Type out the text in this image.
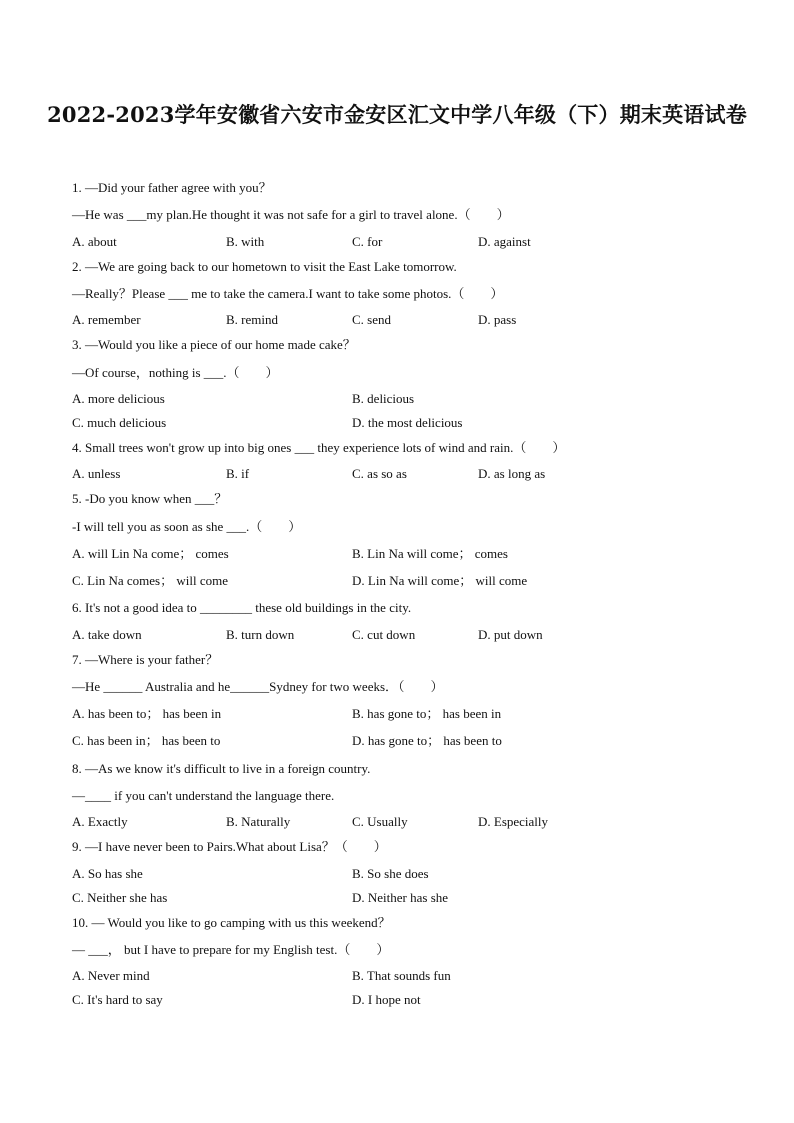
2022-2023学年安徽省六安市金安区汇文中学八年级（下）期末英语试卷
1. —Did your father agree with you？
—He was ___my plan.He thought it was not safe for a girl to travel alone.（　　）
A. about	B. with	C. for	D. against
2. —We are going back to our hometown to visit the East Lake tomorrow.
—Really？Please ___ me to take the camera.I want to take some photos.（　　）
A. remember	B. remind	C. send	D. pass
3. —Would you like a piece of our home made cake？
—Of course，nothing is ___.（　　）
A. more delicious	B. delicious
C. much delicious	D. the most delicious
4. Small trees won't grow up into big ones ___ they experience lots of wind and rain.（　　）
A. unless	B. if	C. as so as	D. as long as
5. -Do you know when ___？
-I will tell you as soon as she ___.（　　）
A. will Lin Na come； comes	B. Lin Na will come； comes
C. Lin Na comes； will come	D. Lin Na will come； will come
6. It's not a good idea to ________ these old buildings in the city.
A. take down	B. turn down	C. cut down	D. put down
7. —Where is your father？
—He ______ Australia and he______Sydney for two weeks．（　　）
A. has been to； has been in	B. has gone to； has been in
C. has been in； has been to	D. has gone to； has been to
8. —As we know it's difficult to live in a foreign country.
—____ if you can't understand the language there.
A. Exactly	B. Naturally	C. Usually	D. Especially
9. —I have never been to Pairs.What about Lisa？（　　）
A. So has she	B. So she does
C. Neither she has	D. Neither has she
10. — Would you like to go camping with us this weekend？
— ___， but I have to prepare for my English test.（　　）
A. Never mind	B. That sounds fun
C. It's hard to say	D. I hope not
